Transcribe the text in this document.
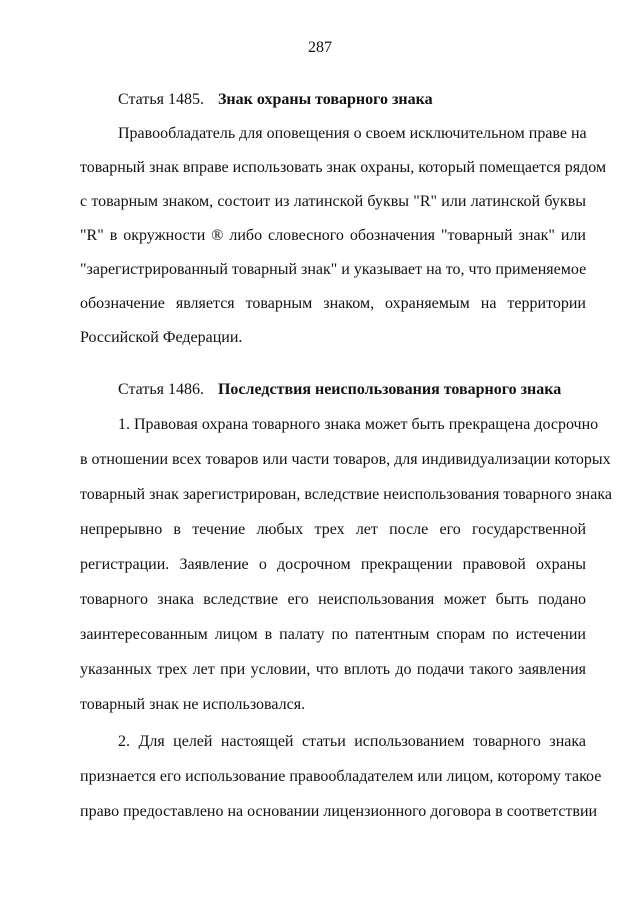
287
Статья 1485. Знак охраны товарного знака
Правообладатель для оповещения о своем исключительном праве на
товарный знак вправе использовать знак охраны, который помещается рядом
с товарным знаком, состоит из латинской буквы "R" или латинской буквы
"R" в окружности ® либо словесного обозначения "товарный знак" или
"зарегистрированный товарный знак" и указывает на то, что применяемое
обозначение является товарным знаком, охраняемым на территории
Российской Федерации.
Статья 1486. Последствия неиспользования товарного знака
1. Правовая охрана товарного знака может быть прекращена досрочно
в отношении всех товаров или части товаров, для индивидуализации которых
товарный знак зарегистрирован, вследствие неиспользования товарного знака
непрерывно в течение любых трех лет после его государственной
регистрации. Заявление о досрочном прекращении правовой охраны
товарного знака вследствие его неиспользования может быть подано
заинтересованным лицом в палату по патентным спорам по истечении
указанных трех лет при условии, что вплоть до подачи такого заявления
товарный знак не использовался.
2. Для целей настоящей статьи использованием товарного знака
признается его использование правообладателем или лицом, которому такое
право предоставлено на основании лицензионного договора в соответствии
